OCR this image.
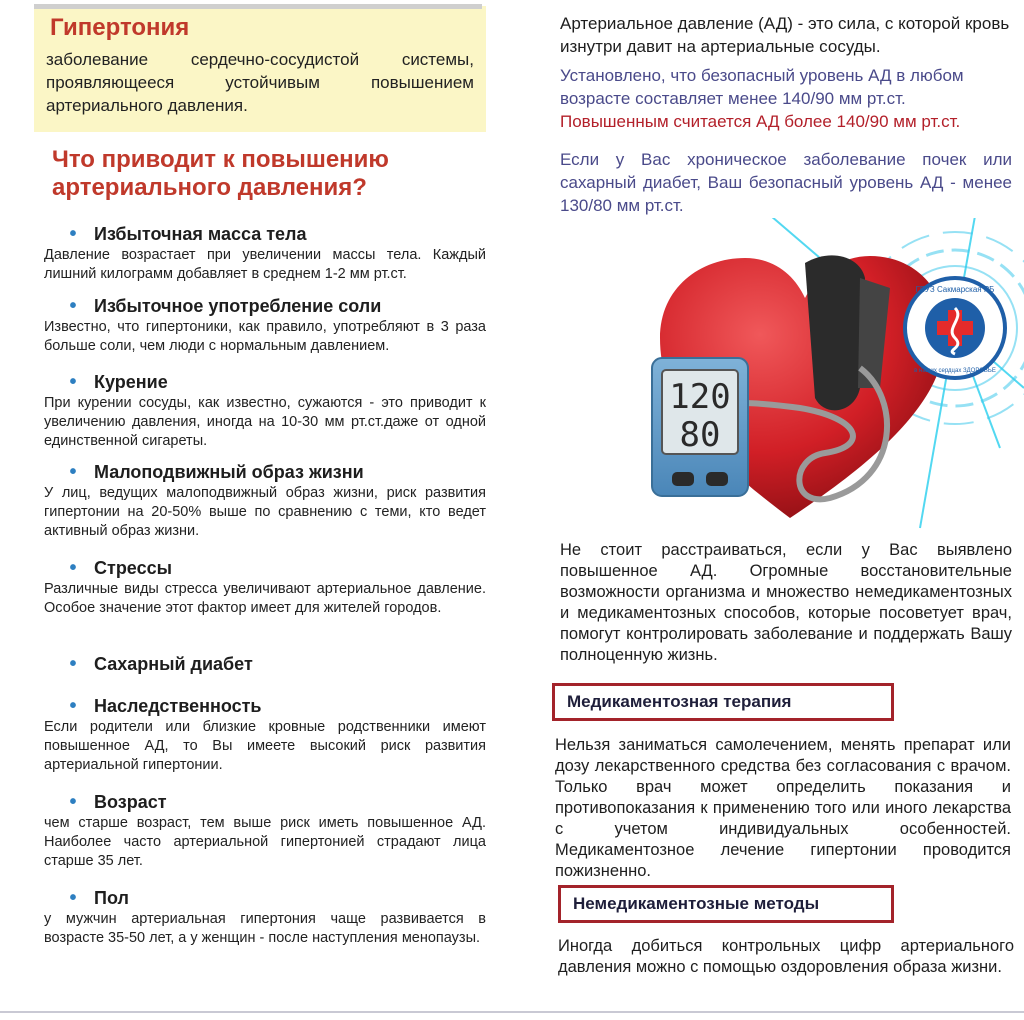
Гипертония

заболевание сердечно-сосудистой системы, проявляющееся устойчивым повышением артериального давления.

Что приводит к повышению артериального давления?
• Избыточная масса тела

Давление возрастает при увеличении массы тела. Каждый лишний килограмм добавляет в среднем 1-2 мм рт.ст.

• Избыточное употребление соли

Известно, что гипертоники, как правило, употребляют в 3 раза больше соли, чем люди с нормальным давлением.

• Курение

При курении сосуды, как известно, сужаются - это приводит к увеличению давления, иногда на 10-30 мм рт.ст.даже от одной единственной сигареты.

• Малоподвижный образ жизни

У лиц, ведущих малоподвижный образ жизни, риск развития гипертонии на 20-50% выше по сравнению с теми, кто ведет активный образ жизни.

• Стрессы

Различные виды стресса увеличивают артериальное давление. Особое значение этот фактор имеет для жителей городов.

• Сахарный диабет
• Наследственность

Если родители или близкие кровные родственники имеют повышенное АД, то Вы имеете высокий риск развития артериальной гипертонии.

• Возраст

чем старше возраст, тем выше риск иметь повышенное АД. Наиболее часто артериальной гипертонией страдают лица старше 35 лет.

• Пол

у мужчин артериальная гипертония чаще развивается в возрасте 35-50 лет, а у женщин - после наступления менопаузы.

Артериальное давление (АД) - это сила, с которой кровь изнутри давит на артериальные сосуды.

Установлено, что безопасный уровень АД в любом возрасте составляет менее 140/90 мм рт.ст.

Повышенным считается АД более 140/90 мм рт.ст.

Если у Вас хроническое заболевание почек или сахарный диабет, Ваш безопасный уровень АД - менее 130/80 мм рт.ст.

120
80
ГБУЗ Сакмарская РБ
в наших сердцах ЗДОРОВЬЕ

Не стоит расстраиваться, если у Вас выявлено повышенное АД. Огромные восстановительные возможности организма и множество немедикаментозных и медикаментозных способов, которые посоветует врач, помогут контролировать заболевание и поддержать Вашу полноценную жизнь.

Медикаментозная терапия

Нельзя заниматься самолечением, менять препарат или дозу лекарственного средства без согласования с врачом. Только врач может определить показания и противопоказания к применению того или иного лекарства с учетом индивидуальных особенностей. Медикаментозное лечение гипертонии проводится пожизненно.

Немедикаментозные методы

Иногда добиться контрольных цифр артериального давления можно с помощью оздоровления образа жизни.
